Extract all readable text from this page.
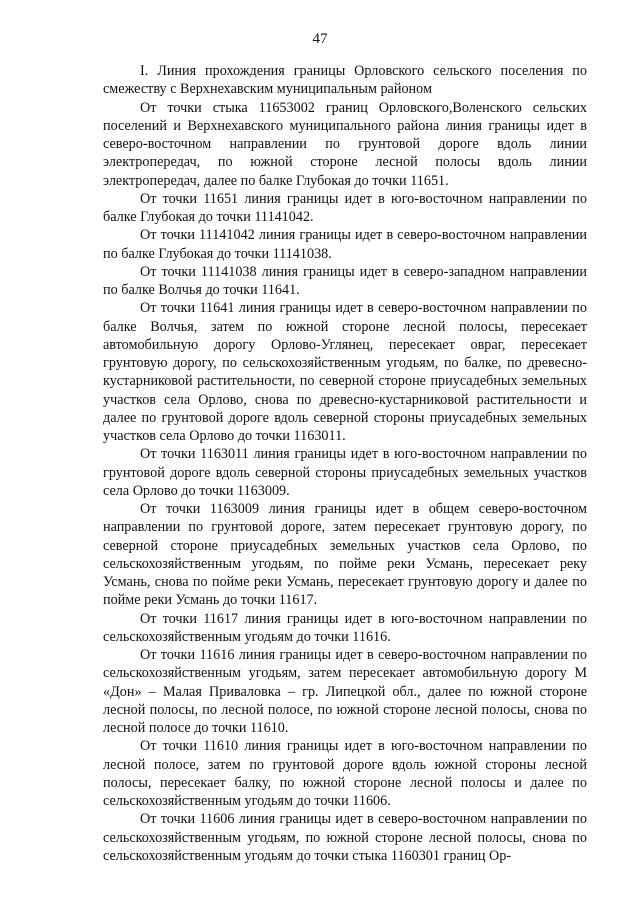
47

I. Линия прохождения границы Орловского сельского поселения по смежеству с Верхнехавским муниципальным районом

От точки стыка 11653002 границ Орловского,Воленского сельских поселений и Верхнехавского муниципального района линия границы идет в северо-восточном направлении по грунтовой дороге вдоль линии электропередач, по южной стороне лесной полосы вдоль линии электропередач, далее по балке Глубокая до точки 11651.

От точки 11651 линия границы идет в юго-восточном направлении по балке Глубокая до точки 11141042.

От точки 11141042 линия границы идет в северо-восточном направлении по балке Глубокая до точки 11141038.

От точки 11141038 линия границы идет в северо-западном направлении по балке Волчья до точки 11641.

От точки 11641 линия границы идет в северо-восточном направлении по балке Волчья, затем по южной стороне лесной полосы, пересекает автомобильную дорогу Орлово-Углянец, пересекает овраг, пересекает грунтовую дорогу, по сельскохозяйственным угодьям, по балке, по древесно-кустарниковой растительности, по северной стороне приусадебных земельных участков села Орлово, снова по древесно-кустарниковой растительности и далее по грунтовой дороге вдоль северной стороны приусадебных земельных участков села Орлово до точки 1163011.

От точки 1163011 линия границы идет в юго-восточном направлении по грунтовой дороге вдоль северной стороны приусадебных земельных участков села Орлово до точки 1163009.

От точки 1163009 линия границы идет в общем северо-восточном направлении по грунтовой дороге, затем пересекает грунтовую дорогу, по северной стороне приусадебных земельных участков села Орлово, по сельскохозяйственным угодьям, по пойме реки Усмань, пересекает реку Усмань, снова по пойме реки Усмань, пересекает грунтовую дорогу и далее по пойме реки Усмань до точки 11617.

От точки 11617 линия границы идет в юго-восточном направлении по сельскохозяйственным угодьям до точки 11616.

От точки 11616 линия границы идет в северо-восточном направлении по сельскохозяйственным угодьям, затем пересекает автомобильную дорогу М «Дон» – Малая Приваловка – гр. Липецкой обл., далее по южной стороне лесной полосы, по лесной полосе, по южной стороне лесной полосы, снова по лесной полосе до точки 11610.

От точки 11610 линия границы идет в юго-восточном направлении по лесной полосе, затем по грунтовой дороге вдоль южной стороны лесной полосы, пересекает балку, по южной стороне лесной полосы и далее по сельскохозяйственным угодьям до точки 11606.

От точки 11606 линия границы идет в северо-восточном направлении по сельскохозяйственным угодьям, по южной стороне лесной полосы, снова по сельскохозяйственным угодьям до точки стыка 1160301 границ Ор-
